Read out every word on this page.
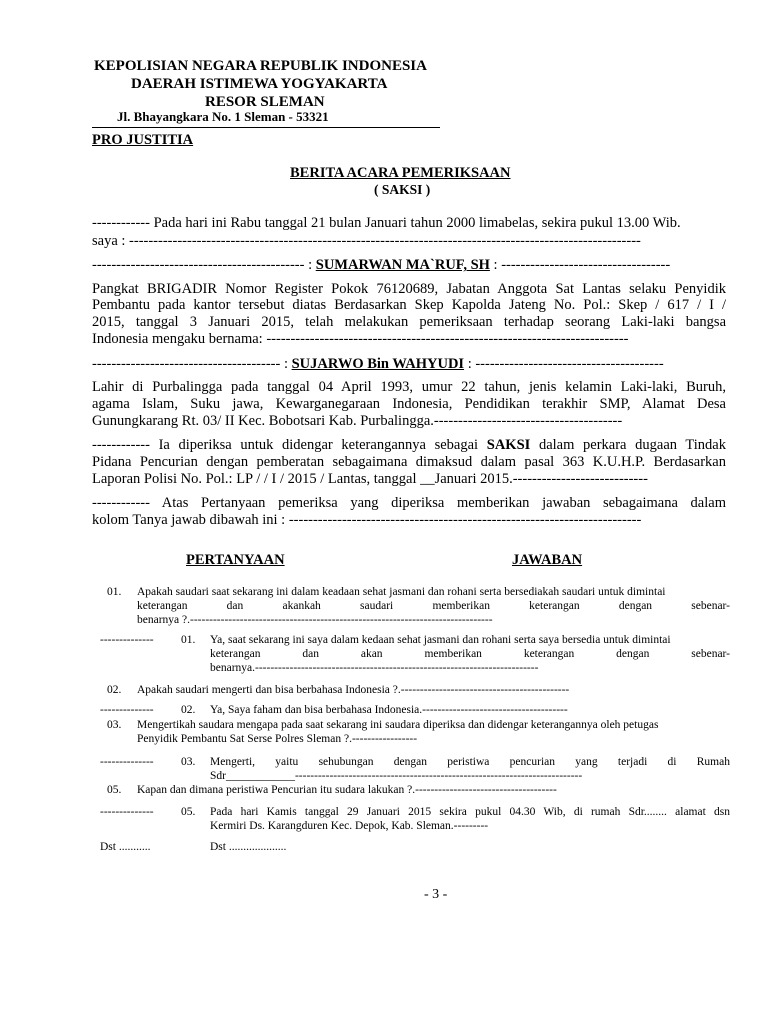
KEPOLISIAN NEGARA REPUBLIK INDONESIA
DAERAH ISTIMEWA YOGYAKARTA
RESOR SLEMAN
Jl. Bhayangkara No. 1 Sleman - 53321
PRO JUSTITIA
BERITA ACARA PEMERIKSAAN
( SAKSI )
------------ Pada hari ini Rabu tanggal 21 bulan Januari tahun 2000 limabelas, sekira pukul 13.00 Wib.
saya : ----------------------------------------------------------------------------------------------------------
-------------------------------------------- : SUMARWAN MA`RUF, SH : -----------------------------------
Pangkat BRIGADIR Nomor Register Pokok 76120689, Jabatan Anggota Sat Lantas selaku Penyidik
Pembantu pada kantor tersebut diatas Berdasarkan Skep Kapolda Jateng No. Pol.: Skep / 617 / I /
2015, tanggal 3 Januari 2015, telah melakukan pemeriksaan terhadap seorang Laki-laki bangsa
Indonesia mengaku bernama: ---------------------------------------------------------------------------
--------------------------------------- : SUJARWO Bin WAHYUDI : ---------------------------------------
Lahir di Purbalingga pada tanggal 04 April 1993, umur 22 tahun, jenis kelamin Laki-laki, Buruh,
agama Islam, Suku jawa, Kewarganegaraan Indonesia, Pendidikan terakhir SMP, Alamat Desa
Gunungkarang Rt. 03/ II Kec. Bobotsari Kab. Purbalingga.---------------------------------------
------------ Ia diperiksa untuk didengar keterangannya sebagai SAKSI dalam perkara dugaan Tindak
Pidana Pencurian dengan pemberatan sebagaimana dimaksud dalam pasal 363 K.U.H.P. Berdasarkan
Laporan Polisi No. Pol.: LP / / I / 2015 / Lantas, tanggal __Januari 2015.----------------------------
------------ Atas Pertanyaan pemeriksa yang diperiksa memberikan jawaban sebagaimana dalam
kolom Tanya jawab dibawah ini : -------------------------------------------------------------------------
PERTANYAAN	JAWABAN
01. Apakah saudari saat sekarang ini dalam keadaan sehat jasmani dan rohani serta bersediakah saudari untuk dimintai
keterangan dan akankah saudari memberikan keterangan dengan sebenar-
benarnya ?.-------------------------------------------------------------------------------
-------------- 01. Ya, saat sekarang ini saya dalam kedaan sehat jasmani dan rohani serta saya bersedia untuk dimintai
keterangan dan akan memberikan keterangan dengan sebenar-
benarnya.--------------------------------------------------------------------------
02. Apakah saudari mengerti dan bisa berbahasa Indonesia ?.--------------------------------------------
-------------- 02. Ya, Saya faham dan bisa berbahasa Indonesia.--------------------------------------
03. Mengertikah saudara mengapa pada saat sekarang ini saudara diperiksa dan didengar keterangannya oleh petugas
Penyidik Pembantu Sat Serse Polres Sleman ?.-----------------
-------------- 03. Mengerti, yaitu sehubungan dengan peristiwa pencurian yang terjadi di Rumah
Sdr____________---------------------------------------------------------------------------
05. Kapan dan dimana peristiwa Pencurian itu sudara lakukan ?.-------------------------------------
-------------- 05. Pada hari Kamis tanggal 29 Januari 2015 sekira pukul 04.30 Wib, di rumah Sdr........ alamat dsn
Kermiri Ds. Karangduren Kec. Depok, Kab. Sleman.---------
Dst ...........	Dst ....................
- 3 -
